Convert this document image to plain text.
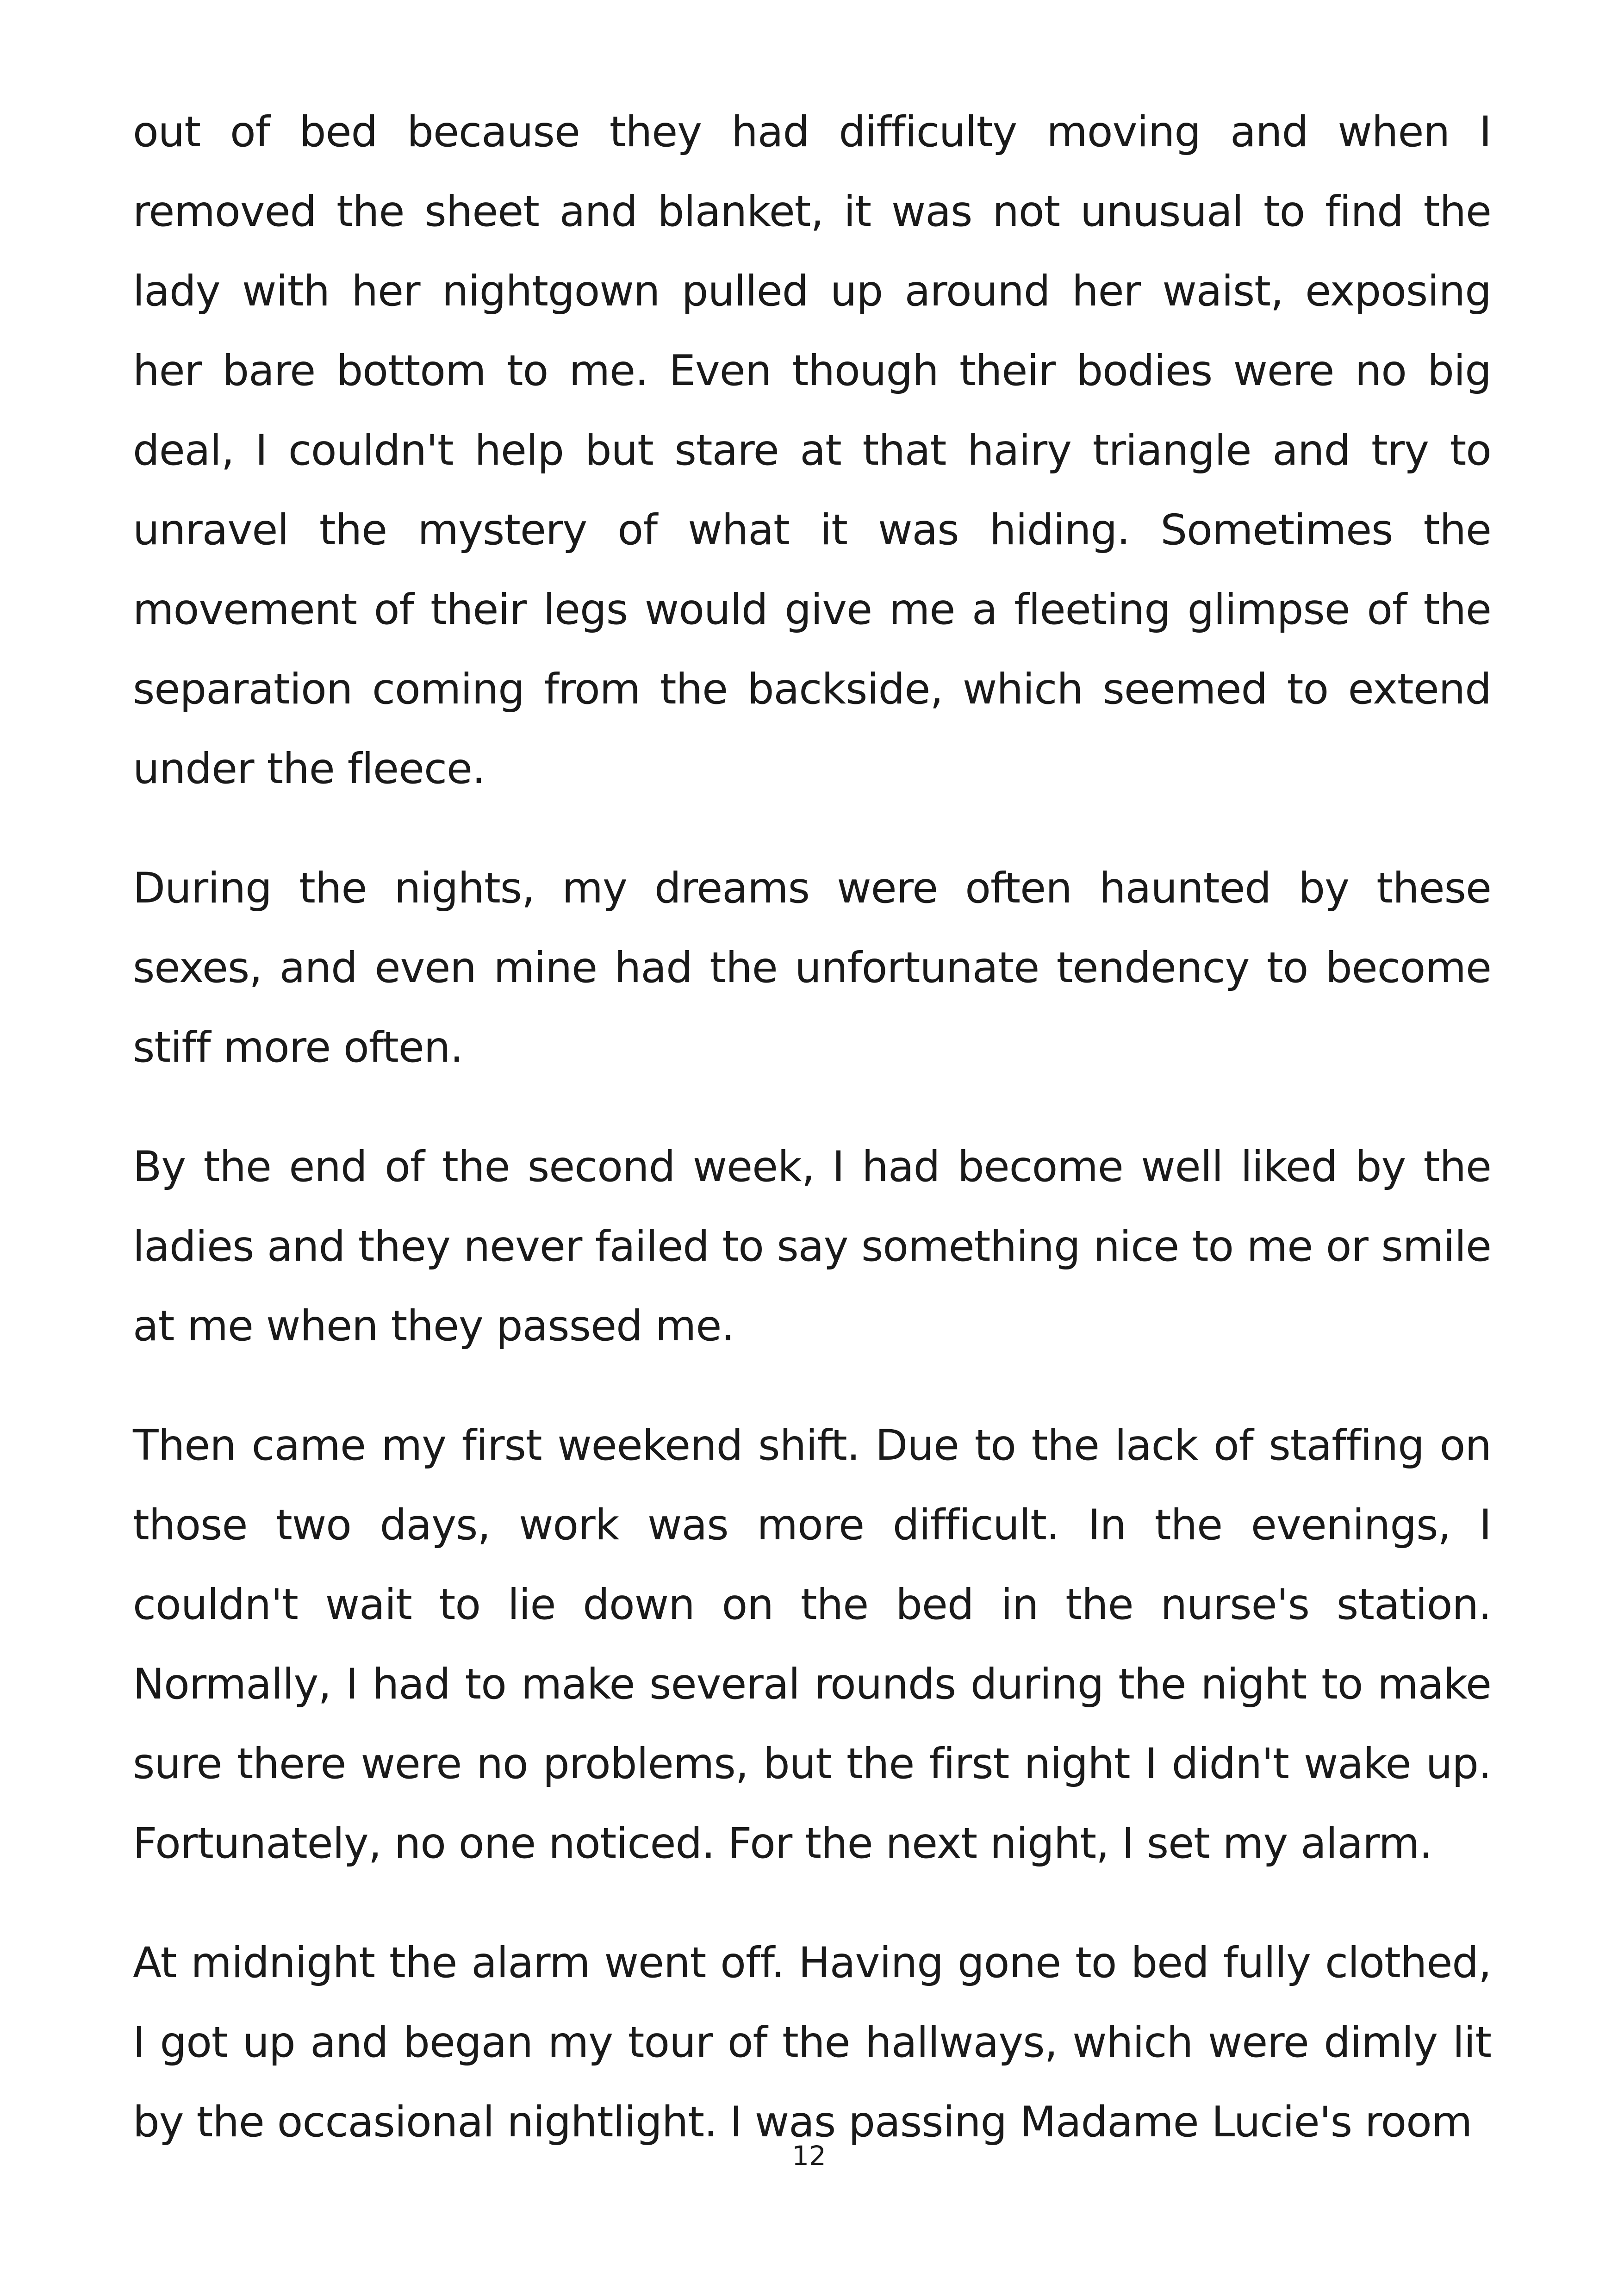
out of bed because they had difficulty moving and when I removed the sheet and blanket, it was not unusual to find the lady with her nightgown pulled up around her waist, exposing her bare bottom to me. Even though their bodies were no big deal, I couldn't help but stare at that hairy triangle and try to unravel the mystery of what it was hiding. Sometimes the movement of their legs would give me a fleeting glimpse of the separation coming from the backside, which seemed to extend under the fleece.

During the nights, my dreams were often haunted by these sexes, and even mine had the unfortunate tendency to become stiff more often.

By the end of the second week, I had become well liked by the ladies and they never failed to say something nice to me or smile at me when they passed me.

Then came my first weekend shift. Due to the lack of staffing on those two days, work was more difficult. In the evenings, I couldn't wait to lie down on the bed in the nurse's station. Normally, I had to make several rounds during the night to make sure there were no problems, but the first night I didn't wake up. Fortunately, no one noticed. For the next night, I set my alarm.

At midnight the alarm went off. Having gone to bed fully clothed, I got up and began my tour of the hallways, which were dimly lit by the occasional nightlight. I was passing Madame Lucie's room

12
